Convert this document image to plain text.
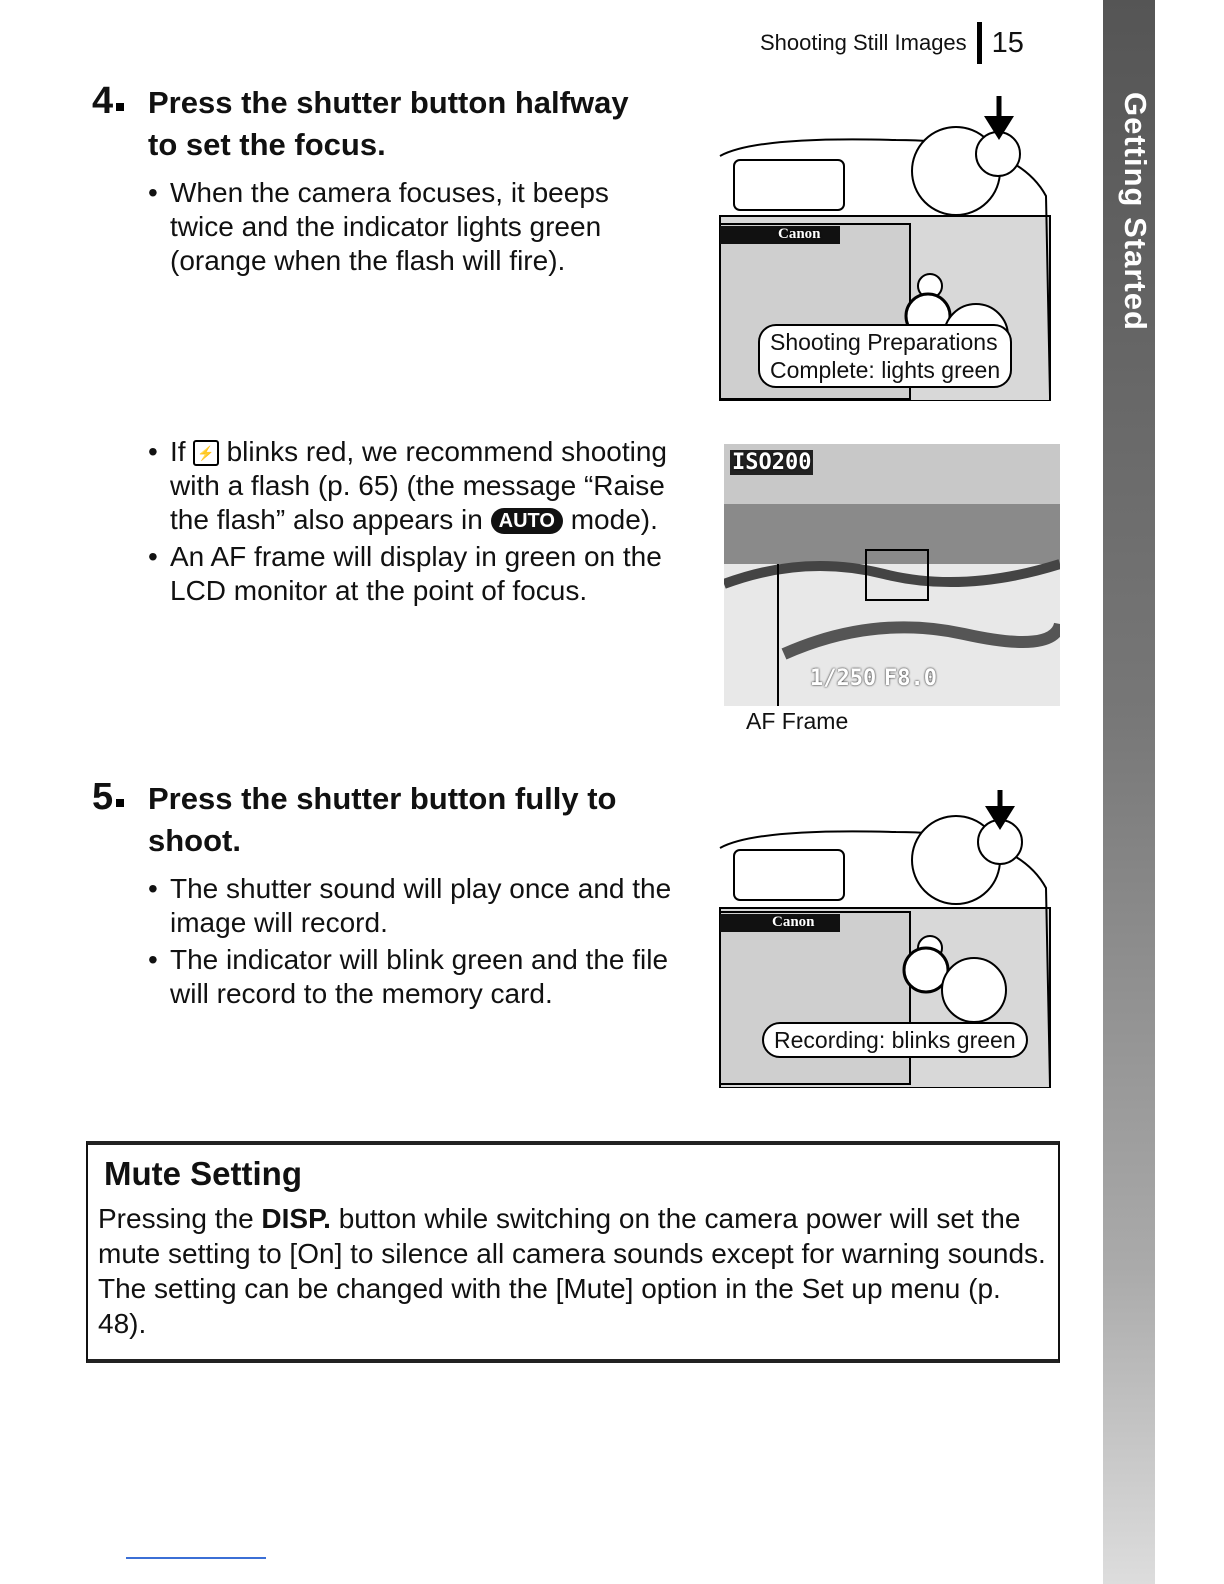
Shooting Still Images 15
Getting Started
4	Press the shutter button halfway
to set the focus.
• When the camera focuses, it beeps twice and the indicator lights green (orange when the flash will fire).
• If ⚡ blinks red, we recommend shooting with a flash (p. 65) (the message “Raise the flash” also appears in AUTO mode).
• An AF frame will display in green on the LCD monitor at the point of focus.
Canon
Shooting Preparations
Complete: lights green
ISO200
1/250 F8.0
AF Frame
5	Press the shutter button fully to
shoot.
• The shutter sound will play once and the image will record.
• The indicator will blink green and the file will record to the memory card.
Canon
Recording: blinks green
Mute Setting
Pressing the DISP. button while switching on the camera power will set the mute setting to [On] to silence all camera sounds except for warning sounds. The setting can be changed with the [Mute] option in the Set up menu (p. 48).
